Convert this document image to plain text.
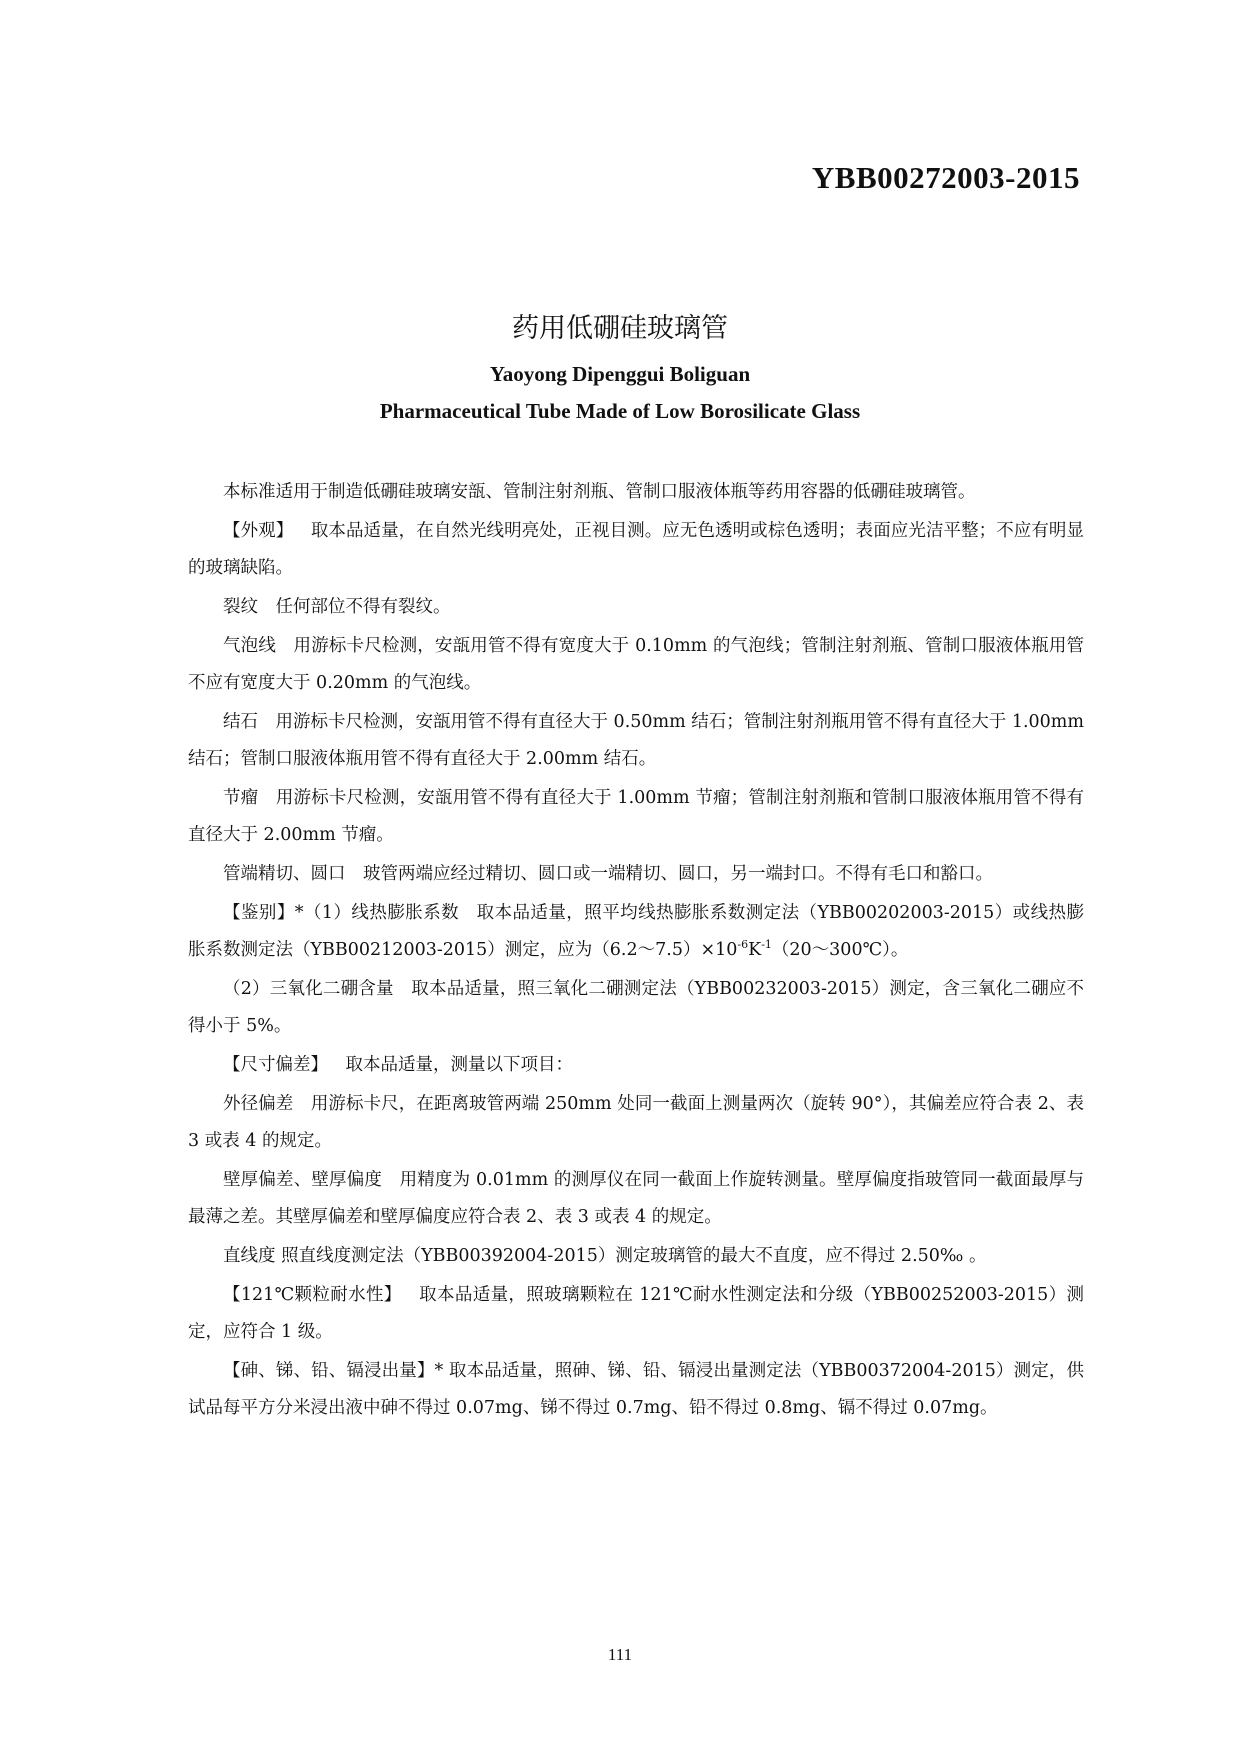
YBB00272003-2015
药用低硼硅玻璃管
Yaoyong Dipenggui Boliguan
Pharmaceutical Tube Made of Low Borosilicate Glass

本标准适用于制造低硼硅玻璃安瓿、管制注射剂瓶、管制口服液体瓶等药用容器的低硼硅玻璃管。

【外观】 取本品适量，在自然光线明亮处，正视目测。应无色透明或棕色透明；表面应光洁平整；不应有明显的玻璃缺陷。

裂纹 任何部位不得有裂纹。

气泡线 用游标卡尺检测，安瓿用管不得有宽度大于 0.10mm 的气泡线；管制注射剂瓶、管制口服液体瓶用管不应有宽度大于 0.20mm 的气泡线。

结石 用游标卡尺检测，安瓿用管不得有直径大于 0.50mm 结石；管制注射剂瓶用管不得有直径大于 1.00mm 结石；管制口服液体瓶用管不得有直径大于 2.00mm 结石。

节瘤 用游标卡尺检测，安瓿用管不得有直径大于 1.00mm 节瘤；管制注射剂瓶和管制口服液体瓶用管不得有直径大于 2.00mm 节瘤。

管端精切、圆口 玻管两端应经过精切、圆口或一端精切、圆口，另一端封口。不得有毛口和豁口。

【鉴别】*（1）线热膨胀系数 取本品适量，照平均线热膨胀系数测定法（YBB00202003-2015）或线热膨胀系数测定法（YBB00212003-2015）测定，应为$(6.2\sim 7.5)\times 10^{-6}K^{-1}(20\sim 300℃)$。

（2）三氧化二硼含量 取本品适量，照三氧化二硼测定法（YBB00232003-2015）测定，含三氧化二硼应不得小于 5%。

【尺寸偏差】 取本品适量，测量以下项目：

外径偏差 用游标卡尺，在距离玻管两端 250mm 处同一截面上测量两次（旋转 90°），其偏差应符合表 2、表 3 或表 4 的规定。

壁厚偏差、壁厚偏度 用精度为 0.01mm 的测厚仪在同一截面上作旋转测量。壁厚偏度指玻管同一截面最厚与最薄之差。其壁厚偏差和壁厚偏度应符合表 2、表 3 或表 4 的规定。

直线度 照直线度测定法（YBB00392004-2015）测定玻璃管的最大不直度，应不得过 2.50‰ 。

【121℃颗粒耐水性】 取本品适量，照玻璃颗粒在 121℃耐水性测定法和分级（YBB00252003-2015）测定，应符合 1 级。

【砷、锑、铅、镉浸出量】* 取本品适量，照砷、锑、铅、镉浸出量测定法（YBB00372004-2015）测定，供试品每平方分米浸出液中砷不得过 0.07mg、锑不得过 0.7mg、铅不得过 0.8mg、镉不得过 0.07mg。

111
